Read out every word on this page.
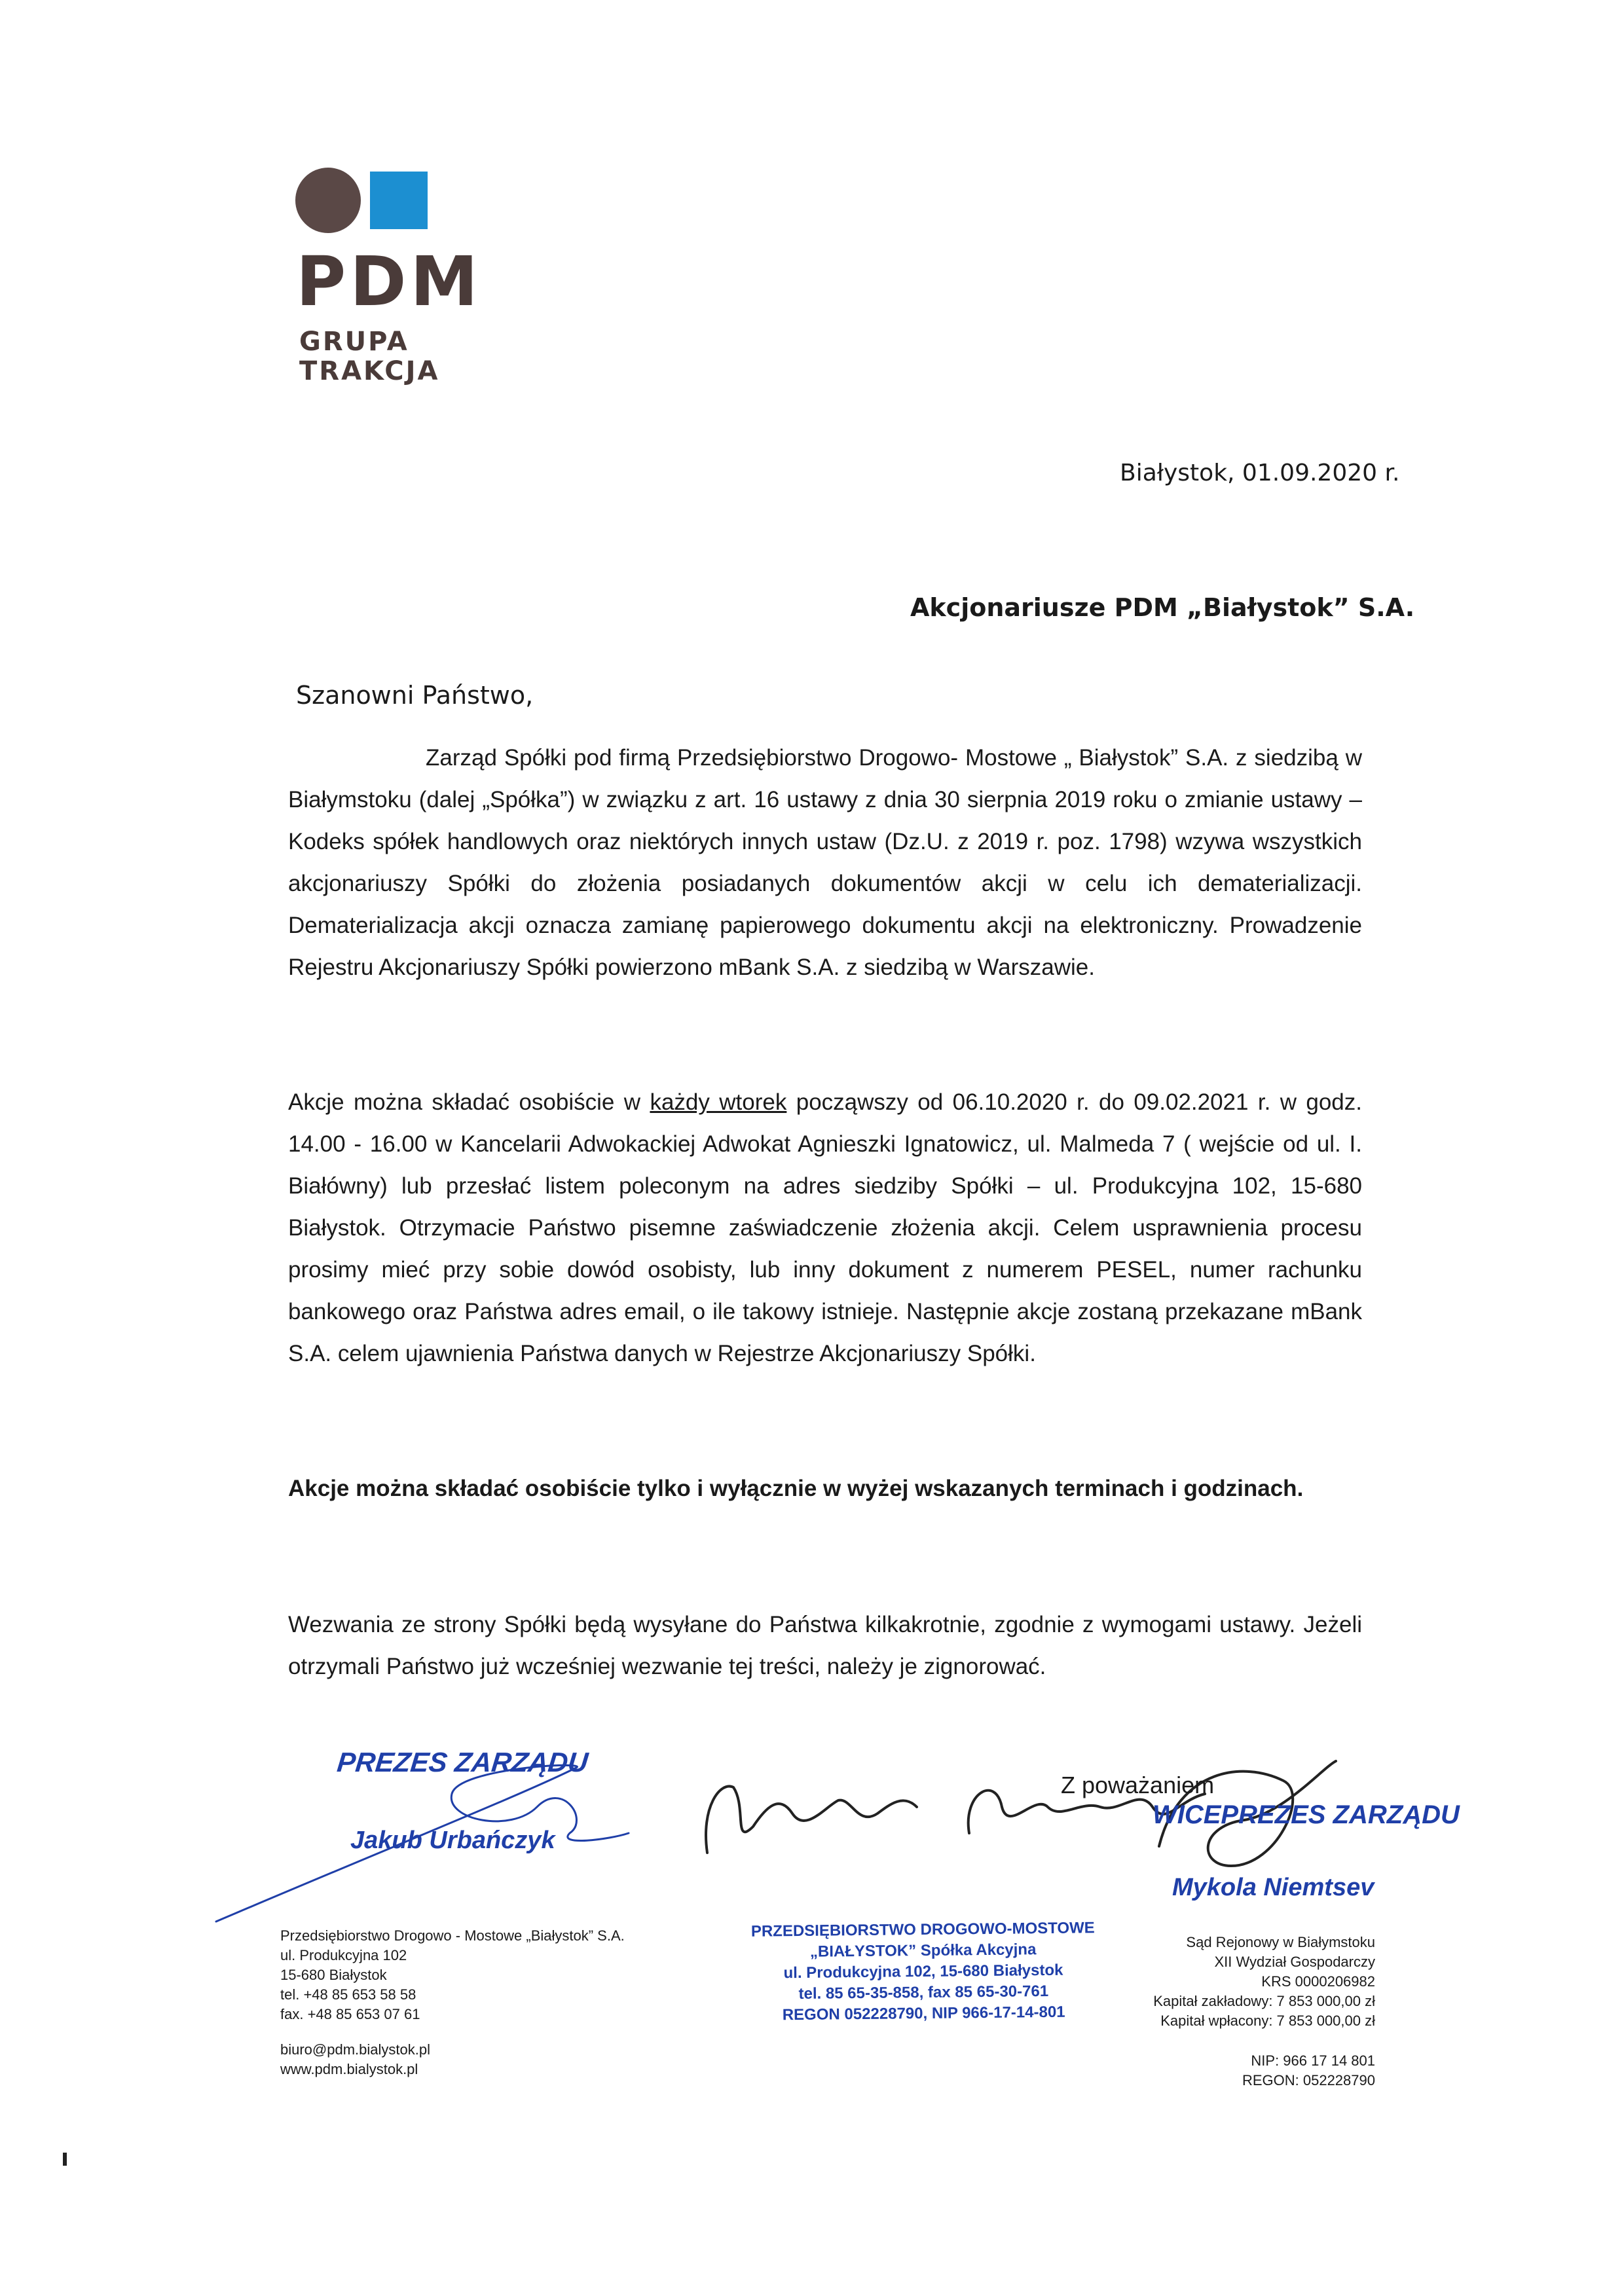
PDM
GRUPA
TRAKCJA
Białystok, 01.09.2020 r.
Akcjonariusze PDM „Białystok” S.A.
Szanowni Państwo,

Zarząd Spółki pod firmą Przedsiębiorstwo Drogowo- Mostowe „ Białystok” S.A. z siedzibą w Białymstoku (dalej „Spółka”) w związku z art. 16 ustawy z dnia 30 sierpnia 2019 roku o zmianie ustawy – Kodeks spółek handlowych oraz niektórych innych ustaw (Dz.U. z 2019 r. poz. 1798) wzywa wszystkich akcjonariuszy Spółki do złożenia posiadanych dokumentów akcji w celu ich dematerializacji. Dematerializacja akcji oznacza zamianę papierowego dokumentu akcji na elektroniczny. Prowadzenie Rejestru Akcjonariuszy Spółki powierzono mBank S.A. z siedzibą w Warszawie.

Akcje można składać osobiście w każdy wtorek począwszy od 06.10.2020 r. do 09.02.2021 r. w godz. 14.00 - 16.00 w Kancelarii Adwokackiej Adwokat Agnieszki Ignatowicz, ul. Malmeda 7 ( wejście od ul. I. Białówny) lub przesłać listem poleconym na adres siedziby Spółki – ul. Produkcyjna 102, 15-680 Białystok. Otrzymacie Państwo pisemne zaświadczenie złożenia akcji. Celem usprawnienia procesu prosimy mieć przy sobie dowód osobisty, lub inny dokument z numerem PESEL, numer rachunku bankowego oraz Państwa adres email, o ile takowy istnieje. Następnie akcje zostaną przekazane mBank S.A. celem ujawnienia Państwa danych w Rejestrze Akcjonariuszy Spółki.

Akcje można składać osobiście tylko i wyłącznie w wyżej wskazanych terminach i godzinach.

Wezwania ze strony Spółki będą wysyłane do Państwa kilkakrotnie, zgodnie z wymogami ustawy. Jeżeli otrzymali Państwo już wcześniej wezwanie tej treści, należy je zignorować.

Z poważaniem
PREZES ZARZĄDU
Jakub Urbańczyk
WICEPREZES ZARZĄDU
Mykola Niemtsev
Przedsiębiorstwo Drogowo - Mostowe „Białystok” S.A.
ul. Produkcyjna 102
15-680 Białystok
tel. +48 85 653 58 58
fax. +48 85 653 07 61
biuro@pdm.bialystok.pl
www.pdm.bialystok.pl
PRZEDSIĘBIORSTWO DROGOWO-MOSTOWE
„BIAŁYSTOK” Spółka Akcyjna
ul. Produkcyjna 102, 15-680 Białystok
tel. 85 65-35-858, fax 85 65-30-761
REGON 052228790, NIP 966-17-14-801
Sąd Rejonowy w Białymstoku
XII Wydział Gospodarczy
KRS 0000206982
Kapitał zakładowy: 7 853 000,00 zł
Kapitał wpłacony: 7 853 000,00 zł
NIP: 966 17 14 801
REGON: 052228790
